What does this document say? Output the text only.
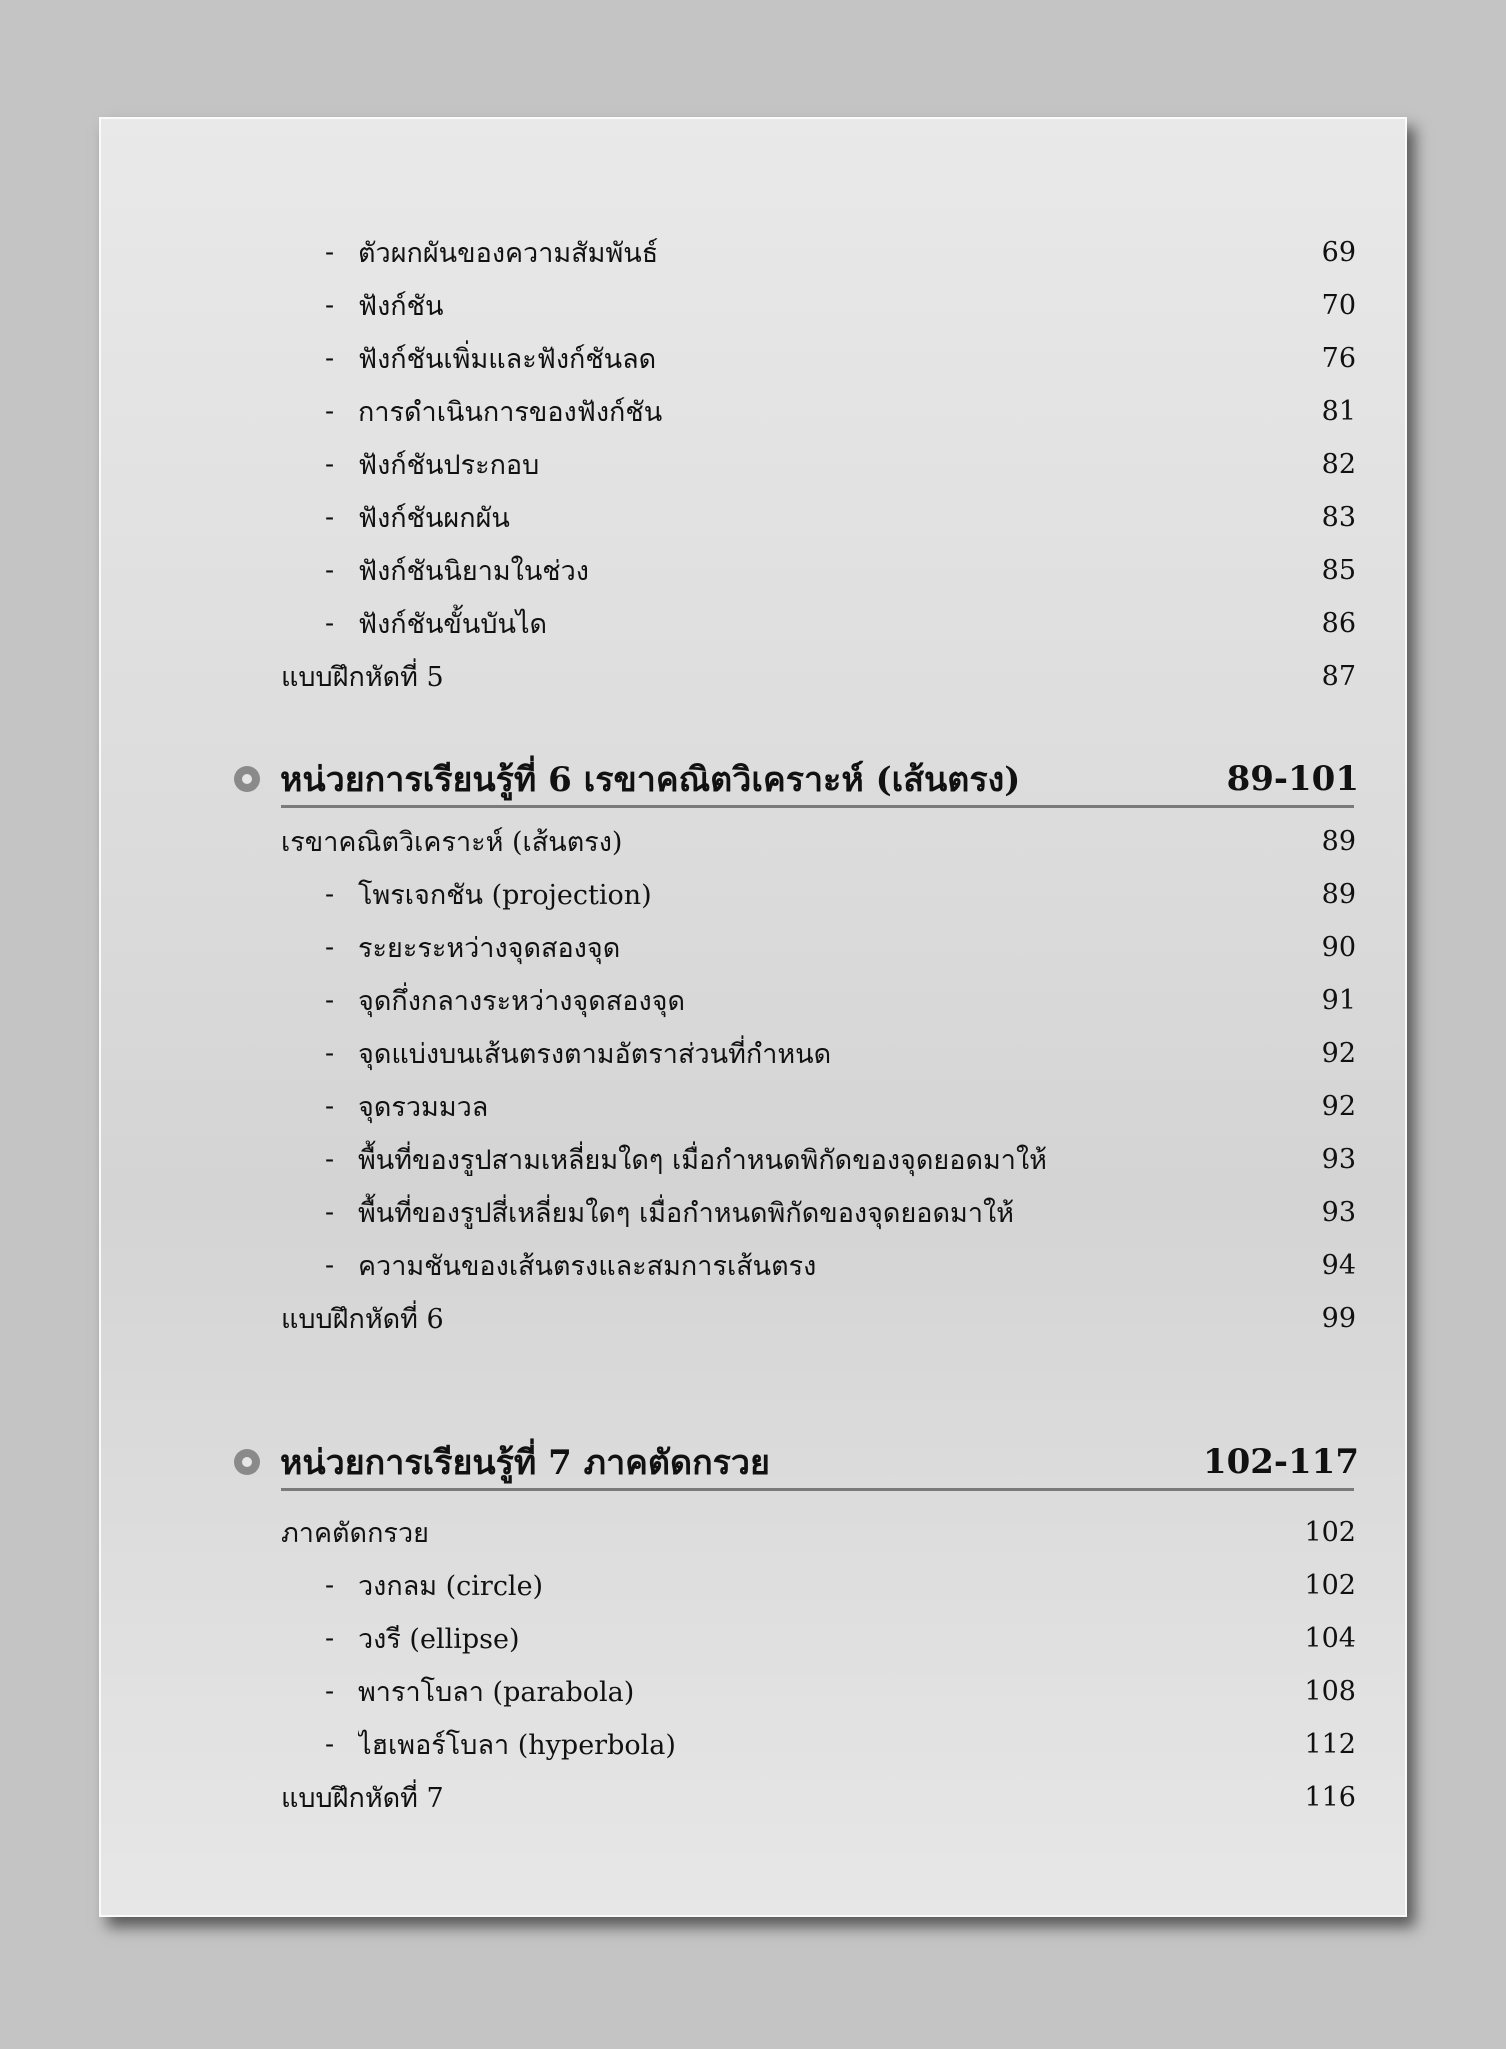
- ตัวผกผันของความสัมพันธ์	69
- ฟังก์ชัน	70
- ฟังก์ชันเพิ่มและฟังก์ชันลด	76
- การดำเนินการของฟังก์ชัน	81
- ฟังก์ชันประกอบ	82
- ฟังก์ชันผกผัน	83
- ฟังก์ชันนิยามในช่วง	85
- ฟังก์ชันขั้นบันได	86
แบบฝึกหัดที่ 5	87
หน่วยการเรียนรู้ที่ 6 เรขาคณิตวิเคราะห์ (เส้นตรง)	89-101
เรขาคณิตวิเคราะห์ (เส้นตรง)	89
- โพรเจกชัน (projection)	89
- ระยะระหว่างจุดสองจุด	90
- จุดกึ่งกลางระหว่างจุดสองจุด	91
- จุดแบ่งบนเส้นตรงตามอัตราส่วนที่กำหนด	92
- จุดรวมมวล	92
- พื้นที่ของรูปสามเหลี่ยมใดๆ เมื่อกำหนดพิกัดของจุดยอดมาให้	93
- พื้นที่ของรูปสี่เหลี่ยมใดๆ เมื่อกำหนดพิกัดของจุดยอดมาให้	93
- ความชันของเส้นตรงและสมการเส้นตรง	94
แบบฝึกหัดที่ 6	99
หน่วยการเรียนรู้ที่ 7 ภาคตัดกรวย	102-117
ภาคตัดกรวย	102
- วงกลม (circle)	102
- วงรี (ellipse)	104
- พาราโบลา (parabola)	108
- ไฮเพอร์โบลา (hyperbola)	112
แบบฝึกหัดที่ 7	116
